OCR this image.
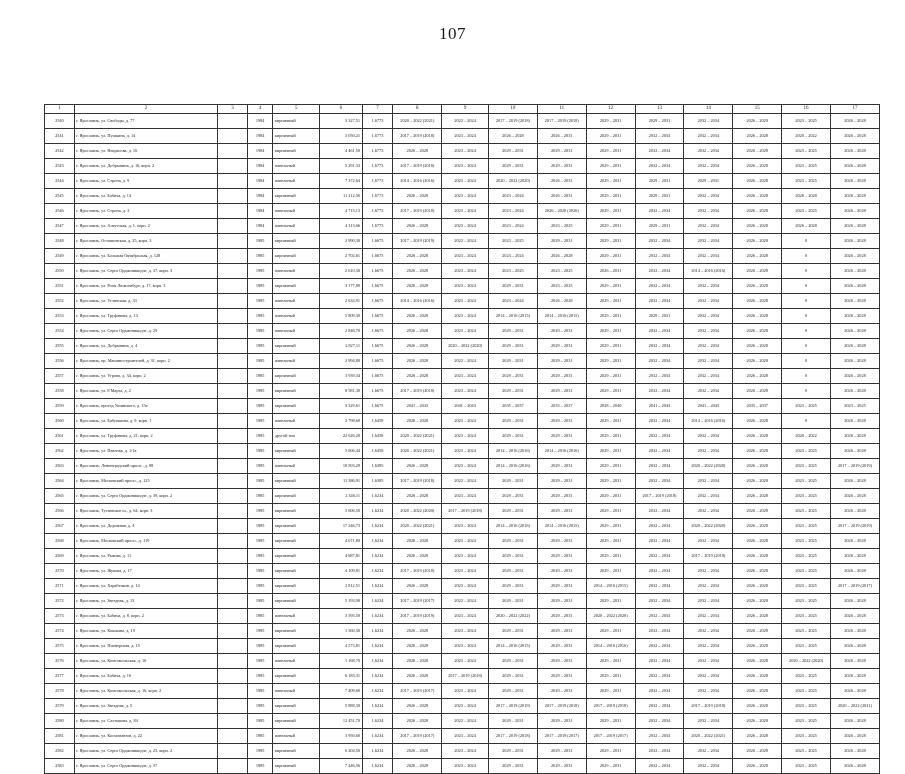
107
1	2	3	4	5	6	7	8	9	10	11	12	13	14	15	16	17
2540	г. Ярославль, ул. Свободы, д. 77		1984	кирпичный	3 327,51	1,6773	2020 – 2022 (2021)	2023 – 2024	2017 – 2019 (2018)	2017 – 2019 (2018)	2029 – 2031	2029 – 2031	2032 – 2034	2026 – 2029	2023 – 2025	2026 – 2028
2541	г. Ярославль, ул. Пушкина, д. 14		1984	кирпичный	3 050,21	1,6773	2017 – 2019 (2018)	2023 – 2024	2026 – 2028	2026 – 2031	2029 – 2031	2032 – 2034	2032 – 2034	2026 – 2028	2020 – 2022	2026 – 2028
2542	г. Ярославль, ул. Некрасова, д. 16		1984	кирпичный	4 461,50	1,6773	2026 – 2028	2023 – 2024	2029 – 2031	2029 – 2031	2029 – 2031	2032 – 2034	2032 – 2034	2026 – 2028	2023 – 2025	2026 – 2028
2543	г. Ярославль, ул. Добрынина, д. 16, корп. 2		1984	панельный	5 291,33	1,6773	2017 – 2019 (2018)	2023 – 2024	2029 – 2031	2029 – 2031	2029 – 2031	2032 – 2034	2032 – 2034	2026 – 2028	2023 – 2025	2026 – 2028
2544	г. Ярославль, ул. Строна, д. 9		1984	панельный	7 372,64	1,6773	2014 – 2016 (2016)	2023 – 2024	2020 – 2022 (2020)	2026 – 2031	2029 – 2031	2029 – 2031	2029 – 2031	2026 – 2028	2023 – 2025	2026 – 2028
2545	г. Ярославль, ул. Бабича, д. 14		1984	кирпичный	11 212,56	1,6773	2026 – 2028	2023 – 2024	2023 – 2024	2026 – 2031	2029 – 2031	2029 – 2031	2032 – 2034	2026 – 2028	2026 – 2028	2026 – 2028
2546	г. Ярославль, ул. Строна, д. 3		1984	панельный	4 715,13	1,6773	2017 – 2019 (2018)	2023 – 2024	2023 – 2024	2026 – 2028 (2026)	2029 – 2031	2032 – 2034	2032 – 2034	2026 – 2028	2023 – 2025	2026 – 2028
2547	г. Ярославль, ул. Алеутская, д. 1, корп. 2		1984	панельный	4 313,66	1,6773	2026 – 2028	2023 – 2024	2023 – 2024	2023 – 2025	2029 – 2031	2029 – 2031	2032 – 2034	2026 – 2028	2026 – 2028	2026 – 2028
2548	г. Ярославль, Осташинская, д. 25, корп. 3		1985	кирпичный	2 990,30	1,6675	2017 – 2019 (2019)	2023 – 2024	2023 – 2025	2029 – 2031	2029 – 2031	2032 – 2034	2032 – 2034	2026 – 2028	0	2026 – 2028
2549	г. Ярославль, ул. Большая Октябрьская, д. 128		1985	кирпичный	2 702,61	1,6675	2026 – 2028	2023 – 2024	2023 – 2024	2026 – 2028	2029 – 2031	2032 – 2034	2032 – 2034	2026 – 2028	0	2026 – 2028
2550	г. Ярославль, ул. Серго Орджоникидзе, д. 37, корп. 3		1985	панельный	2 610,30	1,6675	2026 – 2028	2023 – 2024	2023 – 2025	2023 – 2025	2026 – 2031	2032 – 2034	2014 – 2016 (2016)	2026 – 2028	0	2026 – 2028
2551	г. Ярославль, ул. Розы Люксембург, д. 17, корп. 3		1985	кирпичный	3 177,80	1,6675	2026 – 2028	2023 – 2024	2029 – 2031	2023 – 2025	2029 – 2031	2032 – 2034	2032 – 2034	2026 – 2028	0	2026 – 2028
2552	г. Ярославль, ул. Угличская, д. 33		1985	панельный	2 634,91	1,6675	2014 – 2016 (2016)	2023 – 2024	2023 – 2024	2026 – 2028	2029 – 2031	2032 – 2034	2032 – 2034	2026 – 2028	0	2026 – 2028
2553	г. Ярославль, ул. Труфанова, д. 13		1985	панельный	5 809,30	1,6675	2026 – 2028	2023 – 2024	2014 – 2016 (2015)	2014 – 2016 (2015)	2029 – 2031	2029 – 2031	2032 – 2034	2026 – 2028	0	2026 – 2028
2554	г. Ярославль, ул. Серго Орджоникидзе, д. 29		1985	панельный	2 846,70	1,6675	2026 – 2028	2023 – 2024	2029 – 2031	2029 – 2031	2029 – 2031	2032 – 2034	2032 – 2034	2026 – 2028	0	2026 – 2028
2555	г. Ярославль, ул. Добрынина, д. 4		1985	кирпичный	2 827,11	1,6675	2026 – 2028	2020 – 2022 (2020)	2029 – 2031	2029 – 2031	2029 – 2031	2032 – 2034	2032 – 2034	2026 – 2028	0	2026 – 2028
2556	г. Ярославль, пр. Машиностроителей, д. 31, корп. 2		1985	панельный	2 994,80	1,6675	2026 – 2028	2023 – 2024	2029 – 2031	2029 – 2031	2029 – 2031	2032 – 2034	2032 – 2034	2026 – 2028	0	2026 – 2028
2557	г. Ярославль, ул. Угрова, д. 34, корп. 2		1985	кирпичный	3 939,34	1,6675	2026 – 2028	2023 – 2024	2029 – 2031	2029 – 2031	2029 – 2031	2032 – 2034	2032 – 2034	2026 – 2028	0	2026 – 2028
2558	г. Ярославль, ул. 8 Марта, д. 2		1985	кирпичный	8 581,30	1,6675	2017 – 2019 (2018)	2023 – 2024	2029 – 2031	2029 – 2031	2029 – 2031	2032 – 2034	2032 – 2034	2026 – 2028	0	2026 – 2028
2559	г. Ярославль, проезд Ушинского, д. 15а		1985	кирпичный	3 329,61	1,6675	2041 – 2043	2041 – 2043	2035 – 2037	2035 – 2037	2038 – 2040	2041 – 2043	2041 – 2043	2035 – 2037	2023 – 2025	2023 – 2025
2560	г. Ярославль, ул. Бабушкина, д. 9, корп. 1		1985	панельный	2 798,60	1,6458	2026 – 2028	2023 – 2024	2029 – 2031	2029 – 2031	2029 – 2031	2032 – 2034	2014 – 2016 (2016)	2026 – 2028	0	2026 – 2028
2561	г. Ярославль, ул. Труфанова, д. 21, корп. 2		1985	другой тип	22 626,20	1,6458	2020 – 2022 (2021)	2023 – 2024	2029 – 2031	2029 – 2031	2029 – 2031	2032 – 2034	2032 – 2034	2026 – 2028	2020 – 2022	2026 – 2028
2562	г. Ярославль, ул. Павлова, д. 1/1а		1985	кирпичный	5 606,44	1,6458	2020 – 2022 (2021)	2023 – 2024	2014 – 2016 (2016)	2014 – 2016 (2016)	2029 – 2031	2032 – 2034	2032 – 2034	2026 – 2028	2023 – 2025	2026 – 2028
2563	г. Ярославль, Ленинградский просп., д. 88		1985	панельный	10 503,29	1,6385	2026 – 2028	2023 – 2024	2014 – 2016 (2016)	2029 – 2031	2029 – 2031	2032 – 2034	2020 – 2022 (2020)	2026 – 2028	2023 – 2025	2017 – 2019 (2019)
2564	г. Ярославль, Московский просп., д. 125		1985	кирпичный	11 386,91	1,6385	2017 – 2019 (2018)	2023 – 2024	2029 – 2031	2029 – 2031	2029 – 2031	2032 – 2034	2032 – 2034	2026 – 2028	2023 – 2025	2026 – 2028
2565	г. Ярославль, ул. Серго Орджоникидзе, д. 39, корп. 2		1985	кирпичный	2 346,11	1,6234	2026 – 2028	2023 – 2024	2029 – 2031	2029 – 2031	2029 – 2031	2017 – 2019 (2018)	2032 – 2034	2026 – 2028	2023 – 2025	2026 – 2028
2566	г. Ярославль, Тутаевское ш., д. 64, корп. 3		1985	кирпичный	5 606,50	1,6234	2020 – 2022 (2020)	2017 – 2019 (2018)	2029 – 2031	2029 – 2031	2029 – 2031	2032 – 2034	2032 – 2034	2026 – 2028	2023 – 2025	2026 – 2028
2567	г. Ярославль, ул. Дорожная, д. 4		1985	кирпичный	17 246,73	1,6234	2020 – 2022 (2021)	2023 – 2024	2014 – 2016 (2016)	2014 – 2016 (2015)	2029 – 2031	2032 – 2034	2020 – 2022 (2020)	2026 – 2028	2023 – 2025	2017 – 2019 (2019)
2568	г. Ярославль, Московский просп., д. 119		1985	кирпичный	4 671,80	1,6234	2026 – 2028	2023 – 2024	2029 – 2031	2029 – 2031	2029 – 2031	2032 – 2034	2032 – 2034	2026 – 2028	2023 – 2025	2026 – 2028
2569	г. Ярославль, ул. Рыкова, д. 11		1985	кирпичный	4 687,81	1,6234	2026 – 2028	2023 – 2024	2029 – 2031	2029 – 2031	2029 – 2031	2032 – 2034	2017 – 2019 (2018)	2026 – 2028	2023 – 2025	2026 – 2028
2570	г. Ярославль, ул. Жукова, д. 17		1985	кирпичный	4 109,81	1,6234	2017 – 2019 (2018)	2023 – 2024	2029 – 2031	2029 – 2031	2029 – 2031	2032 – 2034	2032 – 2034	2026 – 2028	2023 – 2025	2026 – 2028
2571	г. Ярославль, ул. Харабтиков, д. 14		1985	кирпичный	2 812,51	1,6234	2026 – 2028	2023 – 2024	2029 – 2031	2029 – 2031	2014 – 2016 (2015)	2032 – 2034	2032 – 2034	2026 – 2028	2023 – 2025	2017 – 2019 (2017)
2572	г. Ярославль, ул. Звездная, д. 13		1985	кирпичный	5 193,90	1,6234	2017 – 2019 (2017)	2023 – 2024	2029 – 2031	2029 – 2031	2029 – 2031	2032 – 2034	2032 – 2034	2026 – 2028	2023 – 2025	2026 – 2028
2573	г. Ярославль, ул. Бабича, д. 8, корп. 2		1985	панельный	3 595,50	1,6234	2017 – 2019 (2019)	2023 – 2024	2020 – 2022 (2022)	2029 – 2031	2020 – 2022 (2020)	2032 – 2034	2032 – 2034	2026 – 2028	2023 – 2025	2026 – 2028
2574	г. Ярославль, ул. Кошкина, д. 19		1985	кирпичный	1 360,30	1,6234	2026 – 2028	2023 – 2024	2029 – 2031	2029 – 2031	2029 – 2031	2032 – 2034	2032 – 2034	2026 – 2028	2023 – 2025	2026 – 2028
2575	г. Ярославль, ул. Пионерская, д. 15		1985	кирпичный	4 573,81	1,6234	2026 – 2028	2023 – 2024	2014 – 2016 (2015)	2029 – 2031	2014 – 2016 (2016)	2032 – 2034	2032 – 2034	2026 – 2028	2023 – 2025	2026 – 2028
2576	г. Ярославль, ул. Комсомольская, д. 16		1985	панельный	1 168,70	1,6234	2026 – 2028	2023 – 2024	2029 – 2031	2029 – 2031	2029 – 2031	2032 – 2034	2032 – 2034	2026 – 2028	2020 – 2022 (2020)	2026 – 2028
2577	г. Ярославль, ул. Бабича, д. 16		1985	кирпичный	6 183,31	1,6234	2026 – 2028	2017 – 2019 (2018)	2029 – 2031	2029 – 2031	2029 – 2031	2032 – 2034	2032 – 2034	2026 – 2028	2023 – 2025	2026 – 2028
2578	г. Ярославль, ул. Комсомольская, д. 16, корп. 2		1985	панельный	7 409,60	1,6234	2017 – 2019 (2017)	2023 – 2024	2029 – 2031	2029 – 2031	2029 – 2031	2032 – 2034	2032 – 2034	2026 – 2028	2023 – 2025	2026 – 2028
2579	г. Ярославль, ул. Звездная, д. 5		1985	кирпичный	5 888,30	1,6234	2026 – 2028	2023 – 2024	2017 – 2019 (2019)	2017 – 2019 (2018)	2017 – 2019 (2018)	2032 – 2034	2017 – 2019 (2018)	2026 – 2028	2023 – 2025	2020 – 2022 (2021)
2580	г. Ярославль, ул. Салтыкова, д. 84		1985	кирпичный	12 451,70	1,6234	2026 – 2028	2023 – 2024	2029 – 2031	2029 – 2031	2029 – 2031	2032 – 2034	2032 – 2034	2026 – 2028	2023 – 2025	2026 – 2028
2581	г. Ярославль, ул. Космонавтов, д. 22		1985	панельный	3 950,60	1,6234	2017 – 2019 (2017)	2023 – 2024	2017 – 2019 (2018)	2017 – 2019 (2017)	2017 – 2019 (2017)	2032 – 2034	2020 – 2022 (2021)	2026 – 2028	2023 – 2025	2026 – 2028
2582	г. Ярославль, ул. Серго Орджоникидзе, д. 25, корп. 2		1985	кирпичный	6 204,50	1,6234	2026 – 2028	2023 – 2024	2029 – 2031	2029 – 2031	2029 – 2031	2032 – 2034	2032 – 2034	2026 – 2028	2023 – 2025	2026 – 2028
2583	г. Ярославль, ул. Серго Орджоникидзе, д. 37		1985	кирпичный	7 446,56	1,6234	2026 – 2028	2023 – 2024	2029 – 2031	2029 – 2031	2029 – 2031	2032 – 2034	2032 – 2034	2026 – 2028	2023 – 2025	2026 – 2028
